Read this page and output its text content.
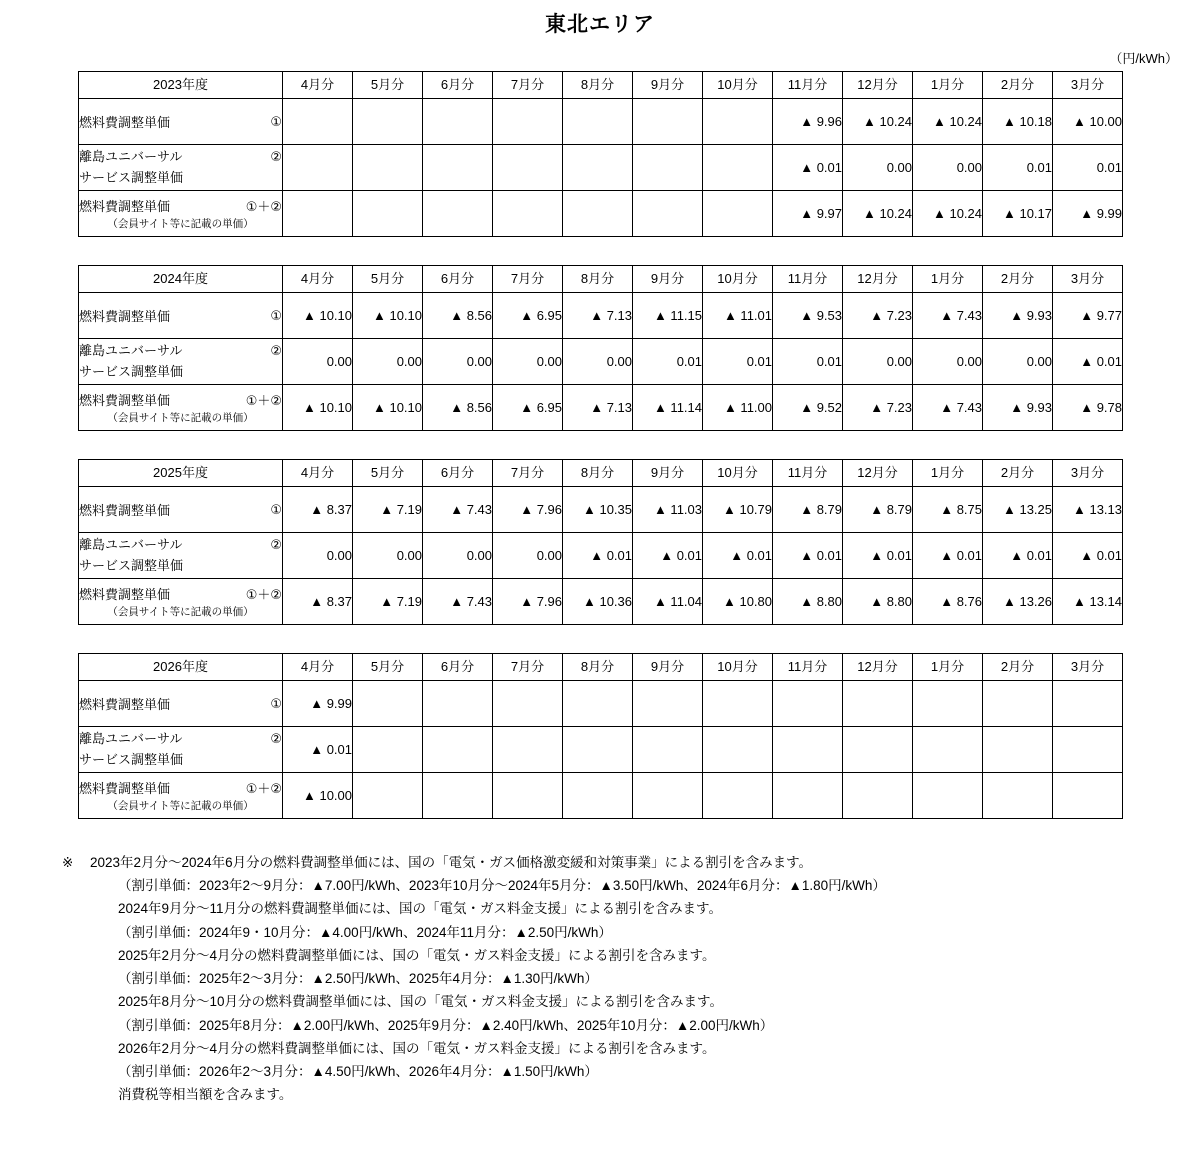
東北エリア
（円/kWh）
2023年度	4月分	5月分	6月分	7月分	8月分	9月分	10月分	11月分	12月分	1月分	2月分	3月分

燃料費調整単価 ①								▲ 9.96	▲ 10.24	▲ 10.24	▲ 10.18	▲ 10.00

離島ユニバーサル ②
サービス調整単価								▲ 0.01	0.00	0.00	0.01	0.01

燃料費調整単価 ①＋②
（会員サイト等に記載の単価）								▲ 9.97	▲ 10.24	▲ 10.24	▲ 10.17	▲ 9.99
2024年度	4月分	5月分	6月分	7月分	8月分	9月分	10月分	11月分	12月分	1月分	2月分	3月分

燃料費調整単価 ①	▲ 10.10	▲ 10.10	▲ 8.56	▲ 6.95	▲ 7.13	▲ 11.15	▲ 11.01	▲ 9.53	▲ 7.23	▲ 7.43	▲ 9.93	▲ 9.77

離島ユニバーサル ②
サービス調整単価	0.00	0.00	0.00	0.00	0.00	0.01	0.01	0.01	0.00	0.00	0.00	▲ 0.01

燃料費調整単価 ①＋②
（会員サイト等に記載の単価）	▲ 10.10	▲ 10.10	▲ 8.56	▲ 6.95	▲ 7.13	▲ 11.14	▲ 11.00	▲ 9.52	▲ 7.23	▲ 7.43	▲ 9.93	▲ 9.78
2025年度	4月分	5月分	6月分	7月分	8月分	9月分	10月分	11月分	12月分	1月分	2月分	3月分

燃料費調整単価 ①	▲ 8.37	▲ 7.19	▲ 7.43	▲ 7.96	▲ 10.35	▲ 11.03	▲ 10.79	▲ 8.79	▲ 8.79	▲ 8.75	▲ 13.25	▲ 13.13

離島ユニバーサル ②
サービス調整単価	0.00	0.00	0.00	0.00	▲ 0.01	▲ 0.01	▲ 0.01	▲ 0.01	▲ 0.01	▲ 0.01	▲ 0.01	▲ 0.01

燃料費調整単価 ①＋②
（会員サイト等に記載の単価）	▲ 8.37	▲ 7.19	▲ 7.43	▲ 7.96	▲ 10.36	▲ 11.04	▲ 10.80	▲ 8.80	▲ 8.80	▲ 8.76	▲ 13.26	▲ 13.14
2026年度	4月分	5月分	6月分	7月分	8月分	9月分	10月分	11月分	12月分	1月分	2月分	3月分

燃料費調整単価 ①	▲ 9.99											

離島ユニバーサル ②
サービス調整単価	▲ 0.01											

燃料費調整単価 ①＋②
（会員サイト等に記載の単価）	▲ 10.00											
※	2023年2月分〜2024年6月分の燃料費調整単価には、国の「電気・ガス価格激変緩和対策事業」による割引を含みます。
（割引単価：2023年2〜9月分：▲7.00円/kWh、2023年10月分〜2024年5月分：▲3.50円/kWh、2024年6月分：▲1.80円/kWh）
2024年9月分〜11月分の燃料費調整単価には、国の「電気・ガス料金支援」による割引を含みます。
（割引単価：2024年9・10月分：▲4.00円/kWh、2024年11月分：▲2.50円/kWh）
2025年2月分〜4月分の燃料費調整単価には、国の「電気・ガス料金支援」による割引を含みます。
（割引単価：2025年2〜3月分：▲2.50円/kWh、2025年4月分：▲1.30円/kWh）
2025年8月分〜10月分の燃料費調整単価には、国の「電気・ガス料金支援」による割引を含みます。
（割引単価：2025年8月分：▲2.00円/kWh、2025年9月分：▲2.40円/kWh、2025年10月分：▲2.00円/kWh）
2026年2月分〜4月分の燃料費調整単価には、国の「電気・ガス料金支援」による割引を含みます。
（割引単価：2026年2〜3月分：▲4.50円/kWh、2026年4月分：▲1.50円/kWh）
消費税等相当額を含みます。
